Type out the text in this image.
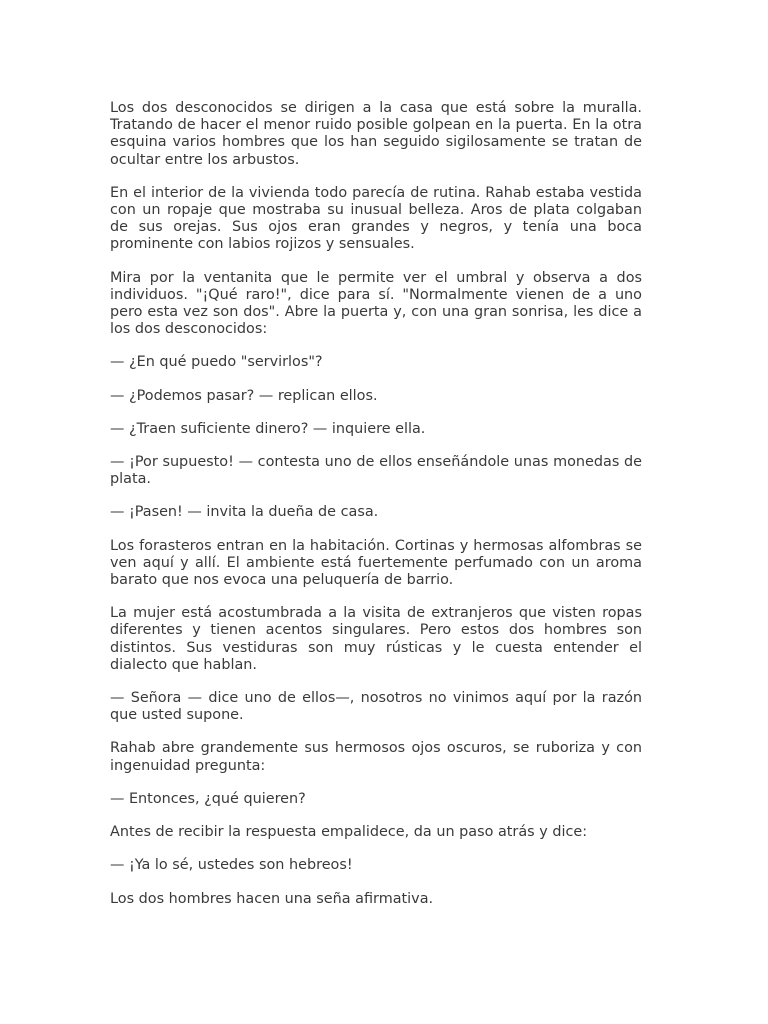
Los dos desconocidos se dirigen a la casa que está sobre la muralla. Tratando de hacer el menor ruido posible golpean en la puerta. En la otra esquina varios hombres que los han seguido sigilosamente se tratan de ocultar entre los arbustos.

En el interior de la vivienda todo parecía de rutina. Rahab estaba vestida con un ropaje que mostraba su inusual belleza. Aros de plata colgaban de sus orejas. Sus ojos eran grandes y negros, y tenía una boca prominente con labios rojizos y sensuales.

Mira por la ventanita que le permite ver el umbral y observa a dos individuos. "¡Qué raro!", dice para sí. "Normalmente vienen de a uno pero esta vez son dos". Abre la puerta y, con una gran sonrisa, les dice a los dos desconocidos:

— ¿En qué puedo "servirlos"?

— ¿Podemos pasar? — replican ellos.

— ¿Traen suficiente dinero? — inquiere ella.

— ¡Por supuesto! — contesta uno de ellos enseñándole unas monedas de plata.

— ¡Pasen! — invita la dueña de casa.

Los forasteros entran en la habitación. Cortinas y hermosas alfombras se ven aquí y allí. El ambiente está fuertemente perfumado con un aroma barato que nos evoca una peluquería de barrio.

La mujer está acostumbrada a la visita de extranjeros que visten ropas diferentes y tienen acentos singulares. Pero estos dos hombres son distintos. Sus vestiduras son muy rústicas y le cuesta entender el dialecto que hablan.

— Señora — dice uno de ellos—, nosotros no vinimos aquí por la razón que usted supone.

Rahab abre grandemente sus hermosos ojos oscuros, se ruboriza y con ingenuidad pregunta:

— Entonces, ¿qué quieren?

Antes de recibir la respuesta empalidece, da un paso atrás y dice:

— ¡Ya lo sé, ustedes son hebreos!

Los dos hombres hacen una seña afirmativa.
